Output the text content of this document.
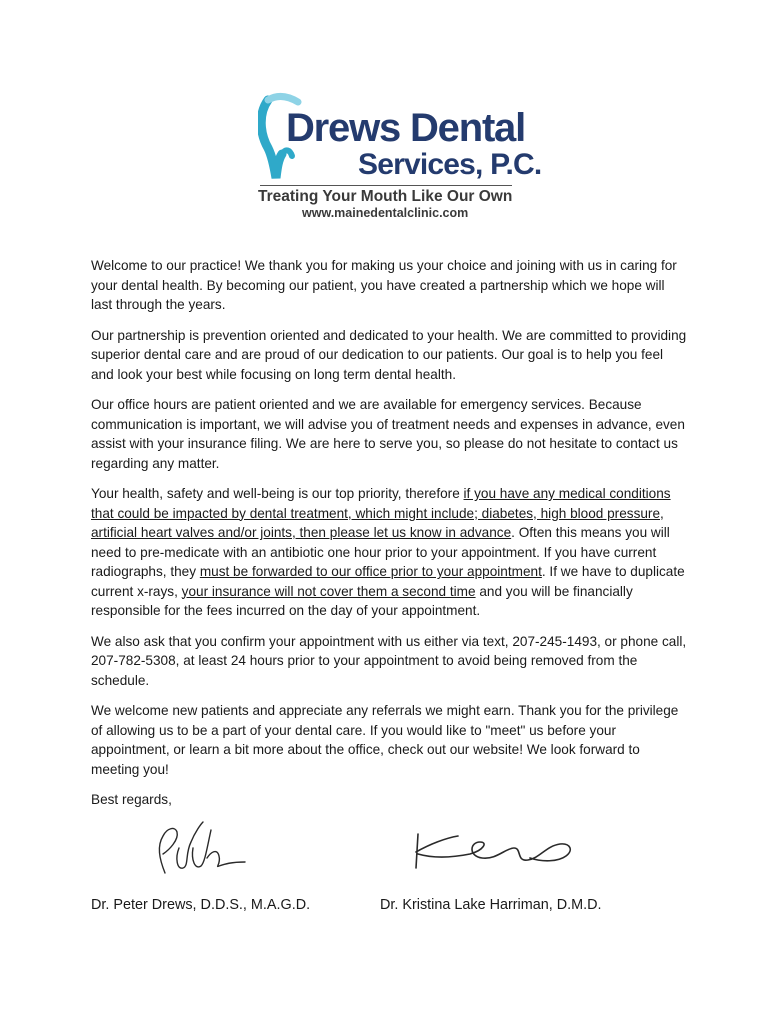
Drews Dental
Services, P.C.
Treating Your Mouth Like Our Own
www.mainedentalclinic.com

Welcome to our practice! We thank you for making us your choice and joining with us in caring for your dental health. By becoming our patient, you have created a partnership which we hope will last through the years.

Our partnership is prevention oriented and dedicated to your health. We are committed to providing superior dental care and are proud of our dedication to our patients. Our goal is to help you feel and look your best while focusing on long term dental health.

Our office hours are patient oriented and we are available for emergency services. Because communication is important, we will advise you of treatment needs and expenses in advance, even assist with your insurance filing. We are here to serve you, so please do not hesitate to contact us regarding any matter.

Your health, safety and well-being is our top priority, therefore if you have any medical conditions that could be impacted by dental treatment, which might include; diabetes, high blood pressure, artificial heart valves and/or joints, then please let us know in advance. Often this means you will need to pre-medicate with an antibiotic one hour prior to your appointment. If you have current radiographs, they must be forwarded to our office prior to your appointment. If we have to duplicate current x-rays, your insurance will not cover them a second time and you will be financially responsible for the fees incurred on the day of your appointment.

We also ask that you confirm your appointment with us either via text, 207-245-1493, or phone call, 207-782-5308, at least 24 hours prior to your appointment to avoid being removed from the schedule.

We welcome new patients and appreciate any referrals we might earn. Thank you for the privilege of allowing us to be a part of your dental care. If you would like to "meet" us before your appointment, or learn a bit more about the office, check out our website! We look forward to meeting you!

Best regards,

Dr. Peter Drews, D.D.S., M.A.G.D.	Dr. Kristina Lake Harriman, D.M.D.
